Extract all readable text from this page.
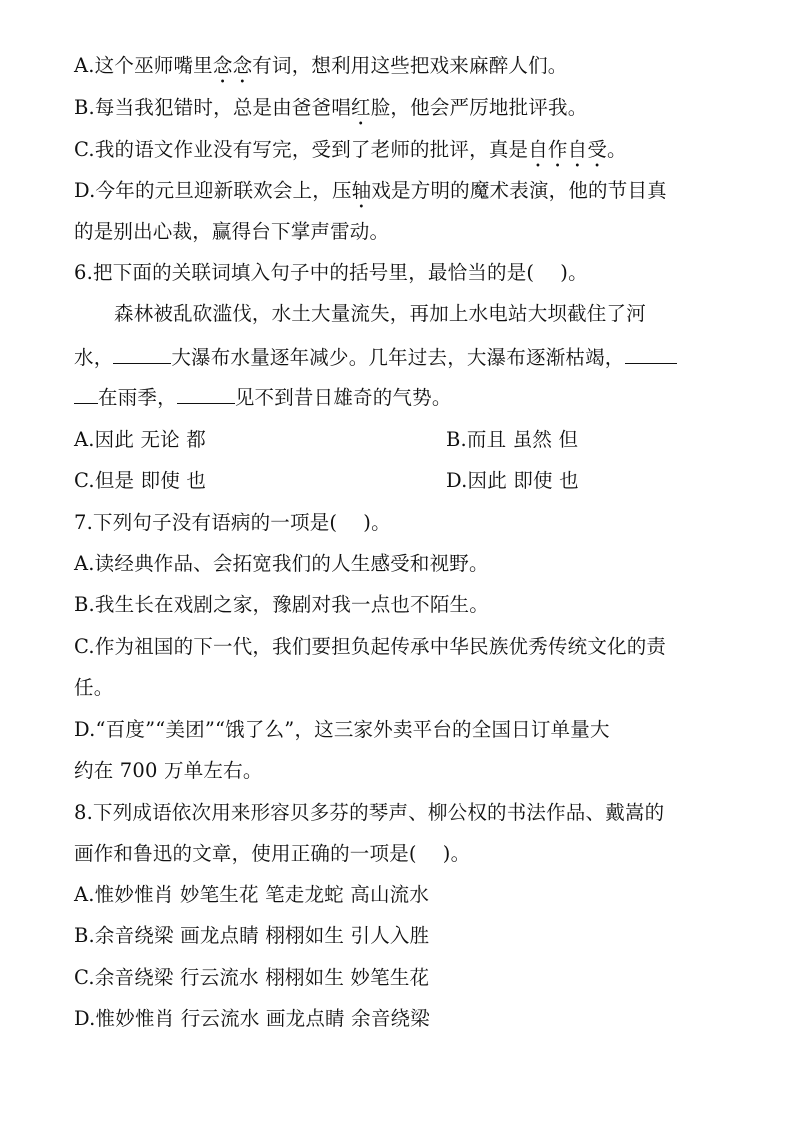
A.这个巫师嘴里念念有词，想利用这些把戏来麻醉人们。
B.每当我犯错时，总是由爸爸唱红脸，他会严厉地批评我。
C.我的语文作业没有写完，受到了老师的批评，真是自作自受。
D.今年的元旦迎新联欢会上，压轴戏是方明的魔术表演，他的节目真
的是别出心裁，赢得台下掌声雷动。
6.把下面的关联词填入句子中的括号里，最恰当的是(　 )。
森林被乱砍滥伐，水土大量流失，再加上水电站大坝截住了河
水，	大瀑布水量逐年减少。几年过去，大瀑布逐渐枯竭，
在雨季，	见不到昔日雄奇的气势。
A.因此 无论 都	B.而且 虽然 但
C.但是 即使 也	D.因此 即使 也
7.下列句子没有语病的一项是(　 )。
A.读经典作品、会拓宽我们的人生感受和视野。
B.我生长在戏剧之家，豫剧对我一点也不陌生。
C.作为祖国的下一代，我们要担负起传承中华民族优秀传统文化的责
任。
D.“百度”“美团”“饿了么”，这三家外卖平台的全国日订单量大
约在 700 万单左右。
8.下列成语依次用来形容贝多芬的琴声、柳公权的书法作品、戴嵩的
画作和鲁迅的文章，使用正确的一项是(　 )。
A.惟妙惟肖 妙笔生花 笔走龙蛇 高山流水
B.余音绕梁 画龙点睛 栩栩如生 引人入胜
C.余音绕梁 行云流水 栩栩如生 妙笔生花
D.惟妙惟肖 行云流水 画龙点睛 余音绕梁
